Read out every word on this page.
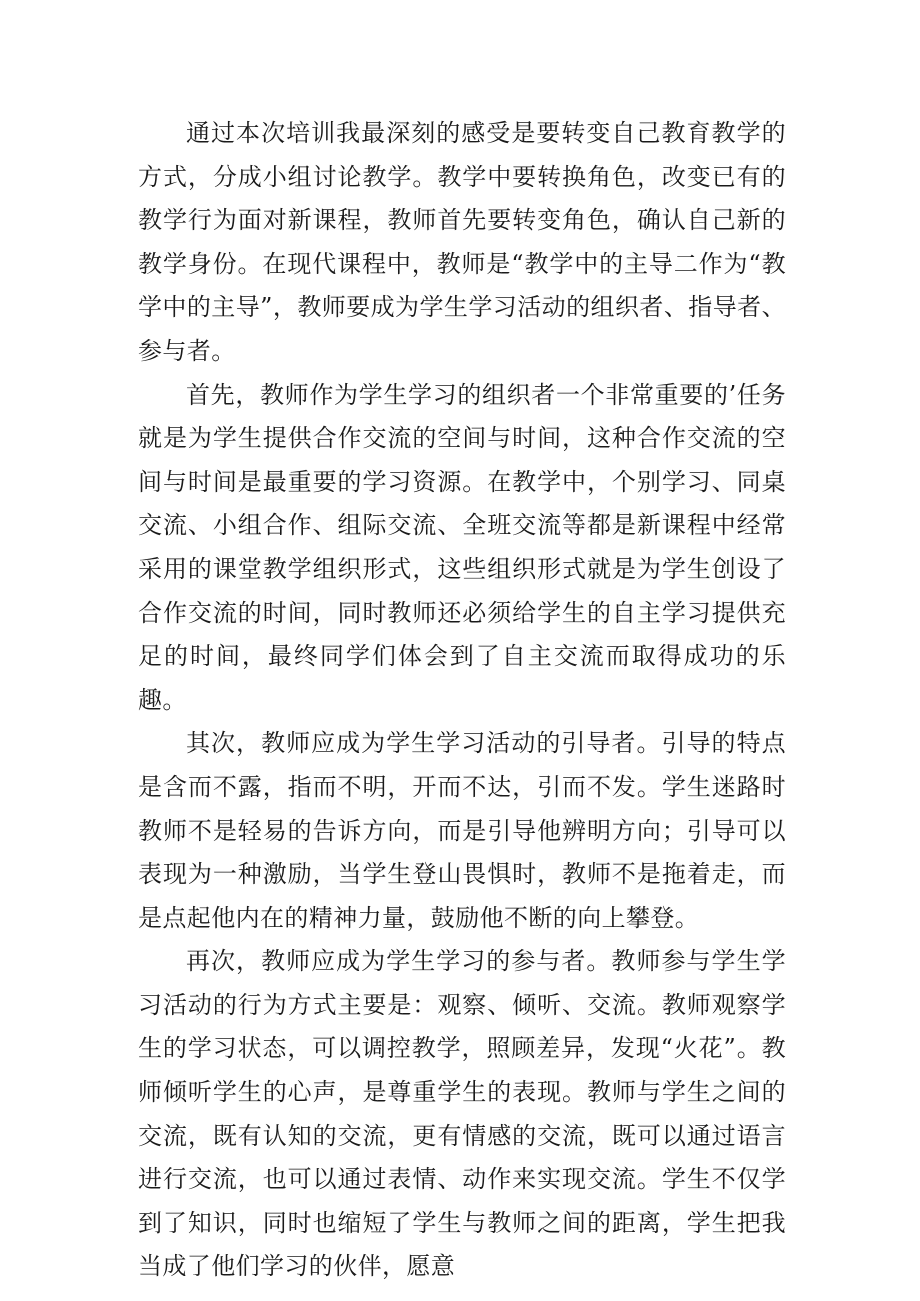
通过本次培训我最深刻的感受是要转变自己教育教学的方式，分成小组讨论教学。教学中要转换角色，改变已有的教学行为面对新课程，教师首先要转变角色，确认自己新的教学身份。在现代课程中，教师是“教学中的主导二作为“教学中的主导”，教师要成为学生学习活动的组织者、指导者、参与者。

首先，教师作为学生学习的组织者一个非常重要的’任务就是为学生提供合作交流的空间与时间，这种合作交流的空间与时间是最重要的学习资源。在教学中，个别学习、同桌交流、小组合作、组际交流、全班交流等都是新课程中经常采用的课堂教学组织形式，这些组织形式就是为学生创设了合作交流的时间，同时教师还必须给学生的自主学习提供充足的时间，最终同学们体会到了自主交流而取得成功的乐趣。

其次，教师应成为学生学习活动的引导者。引导的特点是含而不露，指而不明，开而不达，引而不发。学生迷路时教师不是轻易的告诉方向，而是引导他辨明方向；引导可以表现为一种激励，当学生登山畏惧时，教师不是拖着走，而是点起他内在的精神力量，鼓励他不断的向上攀登。

再次，教师应成为学生学习的参与者。教师参与学生学习活动的行为方式主要是：观察、倾听、交流。教师观察学生的学习状态，可以调控教学，照顾差异，发现“火花”。教师倾听学生的心声，是尊重学生的表现。教师与学生之间的交流，既有认知的交流，更有情感的交流，既可以通过语言进行交流，也可以通过表情、动作来实现交流。学生不仅学到了知识，同时也缩短了学生与教师之间的距离，学生把我当成了他们学习的伙伴，愿意
